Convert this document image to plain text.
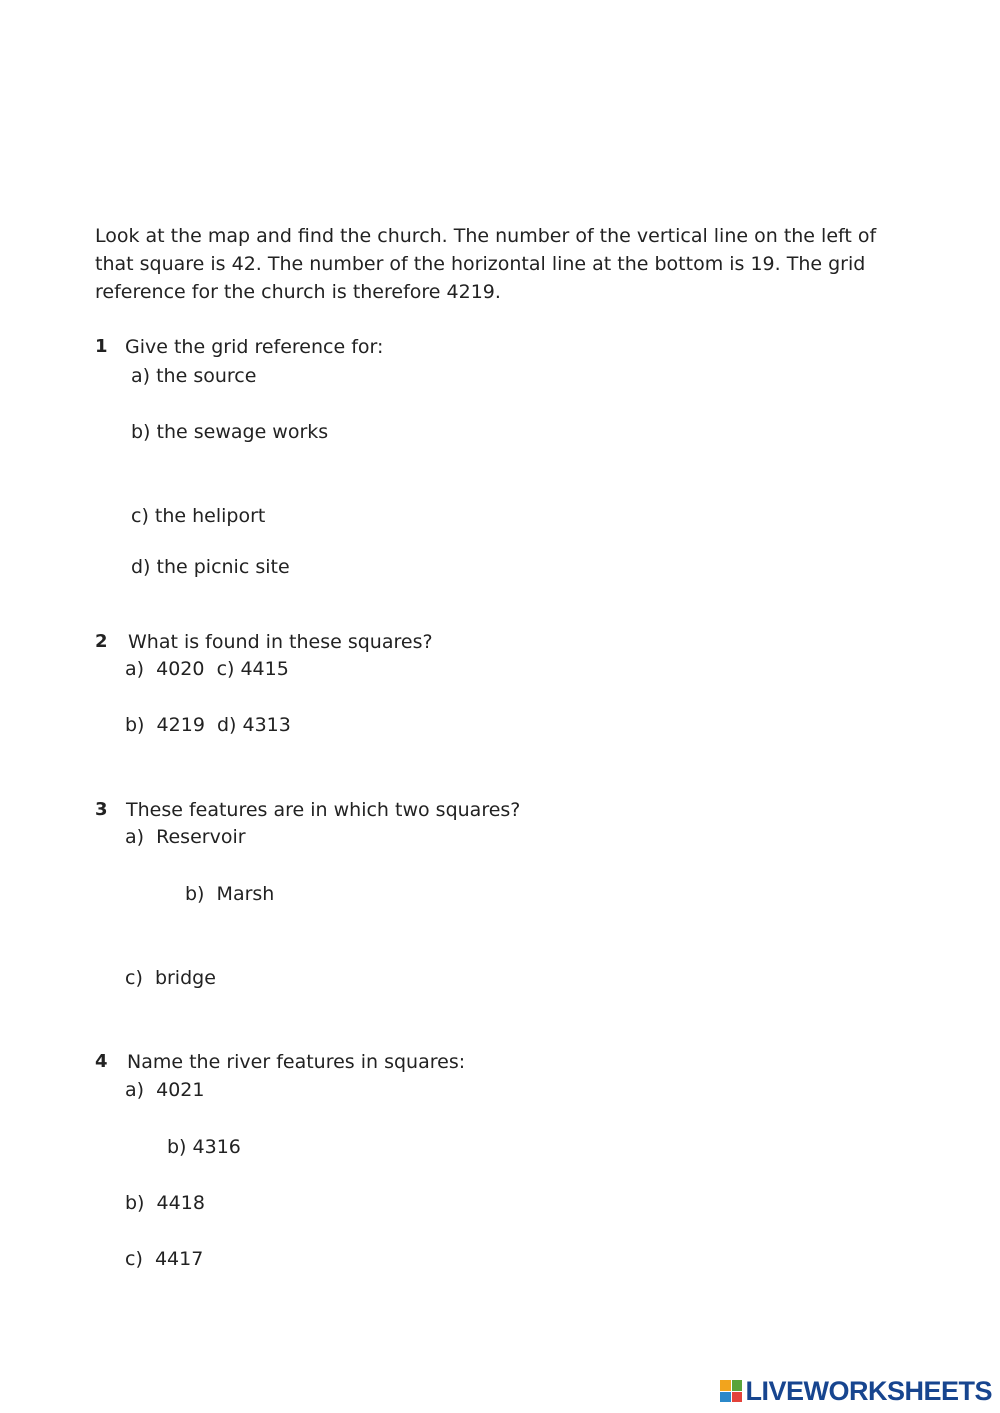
Look at the map and find the church. The number of the vertical line on the left of that square is 42. The number of the horizontal line at the bottom is 19. The grid reference for the church is therefore 4219.
1 Give the grid reference for:
a) the source
b) the sewage works
c) the heliport
d) the picnic site
2 What is found in these squares?
a)  4020  c) 4415
b)  4219  d) 4313
3 These features are in which two squares?
a)  Reservoir
b)  Marsh
c)  bridge
4 Name the river features in squares:
a)  4021
b) 4316
b)  4418
c)  4417
LIVEWORKSHEETS
